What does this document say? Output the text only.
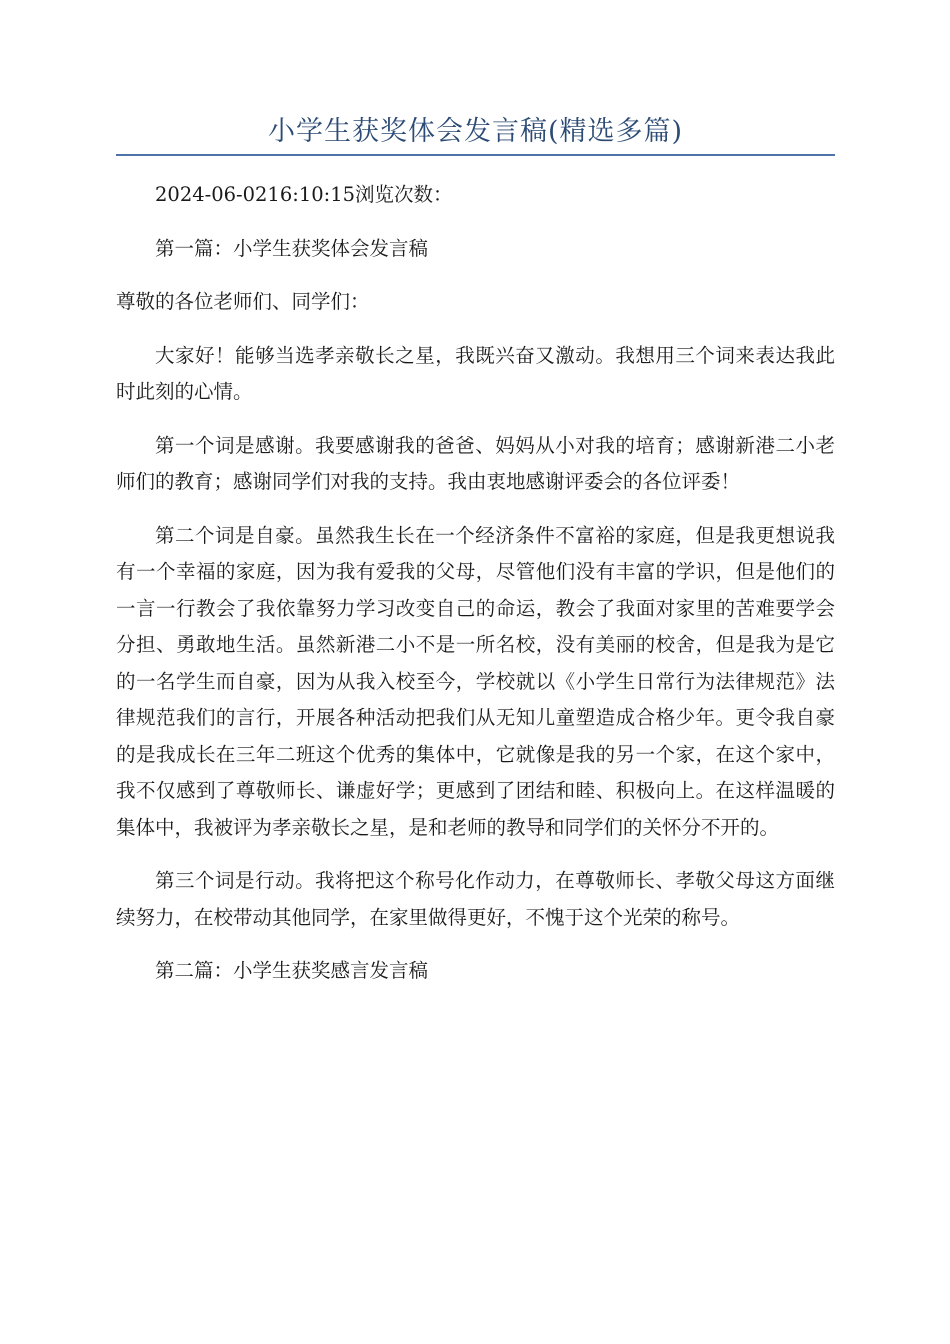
小学生获奖体会发言稿(精选多篇)

2024-06-0216:10:15浏览次数：

第一篇：小学生获奖体会发言稿

尊敬的各位老师们、同学们：

大家好！能够当选孝亲敬长之星，我既兴奋又激动。我想用三个词来表达我此时此刻的心情。

第一个词是感谢。我要感谢我的爸爸、妈妈从小对我的培育；感谢新港二小老师们的教育；感谢同学们对我的支持。我由衷地感谢评委会的各位评委！

第二个词是自豪。虽然我生长在一个经济条件不富裕的家庭，但是我更想说我有一个幸福的家庭，因为我有爱我的父母，尽管他们没有丰富的学识，但是他们的一言一行教会了我依靠努力学习改变自己的命运，教会了我面对家里的苦难要学会分担、勇敢地生活。虽然新港二小不是一所名校，没有美丽的校舍，但是我为是它的一名学生而自豪，因为从我入校至今，学校就以《小学生日常行为法律规范》法律规范我们的言行，开展各种活动把我们从无知儿童塑造成合格少年。更令我自豪的是我成长在三年二班这个优秀的集体中，它就像是我的另一个家，在这个家中，我不仅感到了尊敬师长、谦虚好学；更感到了团结和睦、积极向上。在这样温暖的集体中，我被评为孝亲敬长之星，是和老师的教导和同学们的关怀分不开的。

第三个词是行动。我将把这个称号化作动力，在尊敬师长、孝敬父母这方面继续努力，在校带动其他同学，在家里做得更好，不愧于这个光荣的称号。

第二篇：小学生获奖感言发言稿
